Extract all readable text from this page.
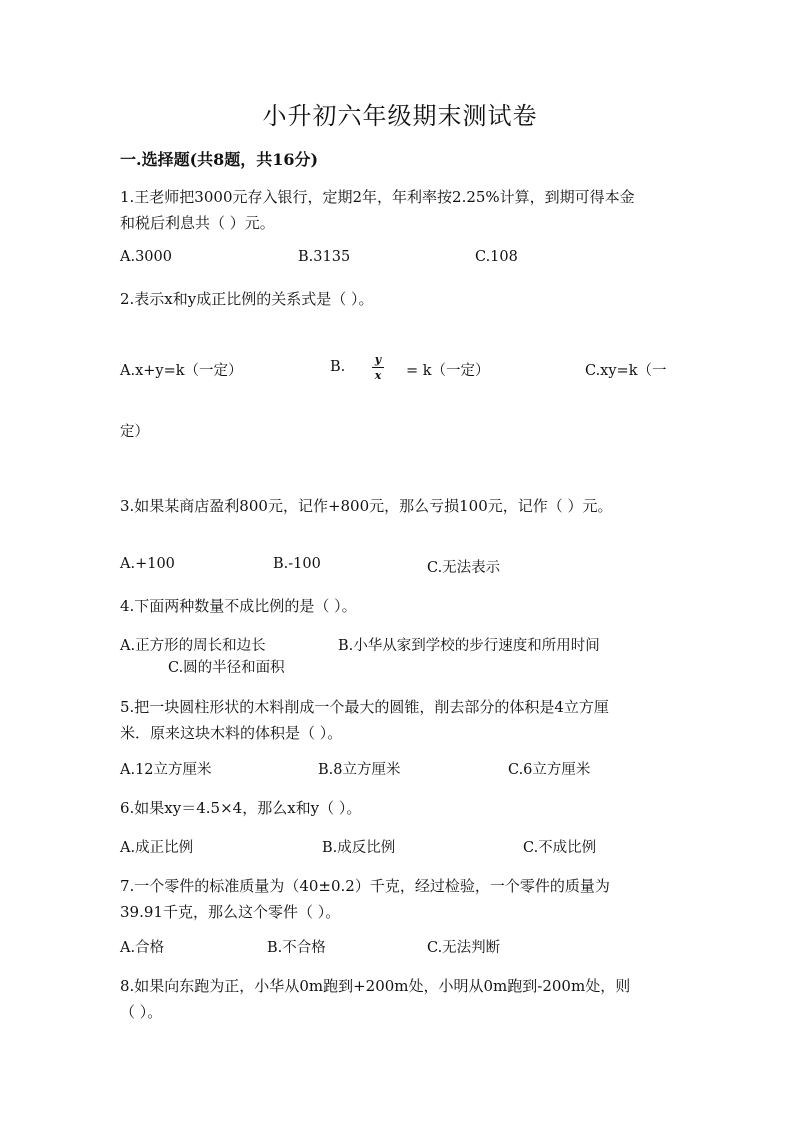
小升初六年级期末测试卷
一.选择题(共8题，共16分)
1.王老师把3000元存入银行，定期2年，年利率按2.25%计算，到期可得本金
和税后利息共（ ）元。
A.3000	B.3135	C.108
2.表示x和y成正比例的关系式是（ ）。
A.x+y=k（一定）	B.	y
x = k（一定）	C.xy=k（一
定）
3.如果某商店盈利800元，记作+800元，那么亏损100元，记作（ ）元。
A.+100	B.-100	C.无法表示
4.下面两种数量不成比例的是（ ）。
A.正方形的周长和边长	B.小华从家到学校的步行速度和所用时间
C.圆的半径和面积
5.把一块圆柱形状的木料削成一个最大的圆锥，削去部分的体积是4立方厘
米．原来这块木料的体积是（ ）。
A.12立方厘米	B.8立方厘米	C.6立方厘米
6.如果xy＝4.5×4，那么x和y（ ）。
A.成正比例	B.成反比例	C.不成比例
7.一个零件的标准质量为（40±0.2）千克，经过检验，一个零件的质量为
39.91千克，那么这个零件（ ）。
A.合格	B.不合格	C.无法判断
8.如果向东跑为正，小华从0m跑到+200m处，小明从0m跑到-200m处，则
（ ）。
